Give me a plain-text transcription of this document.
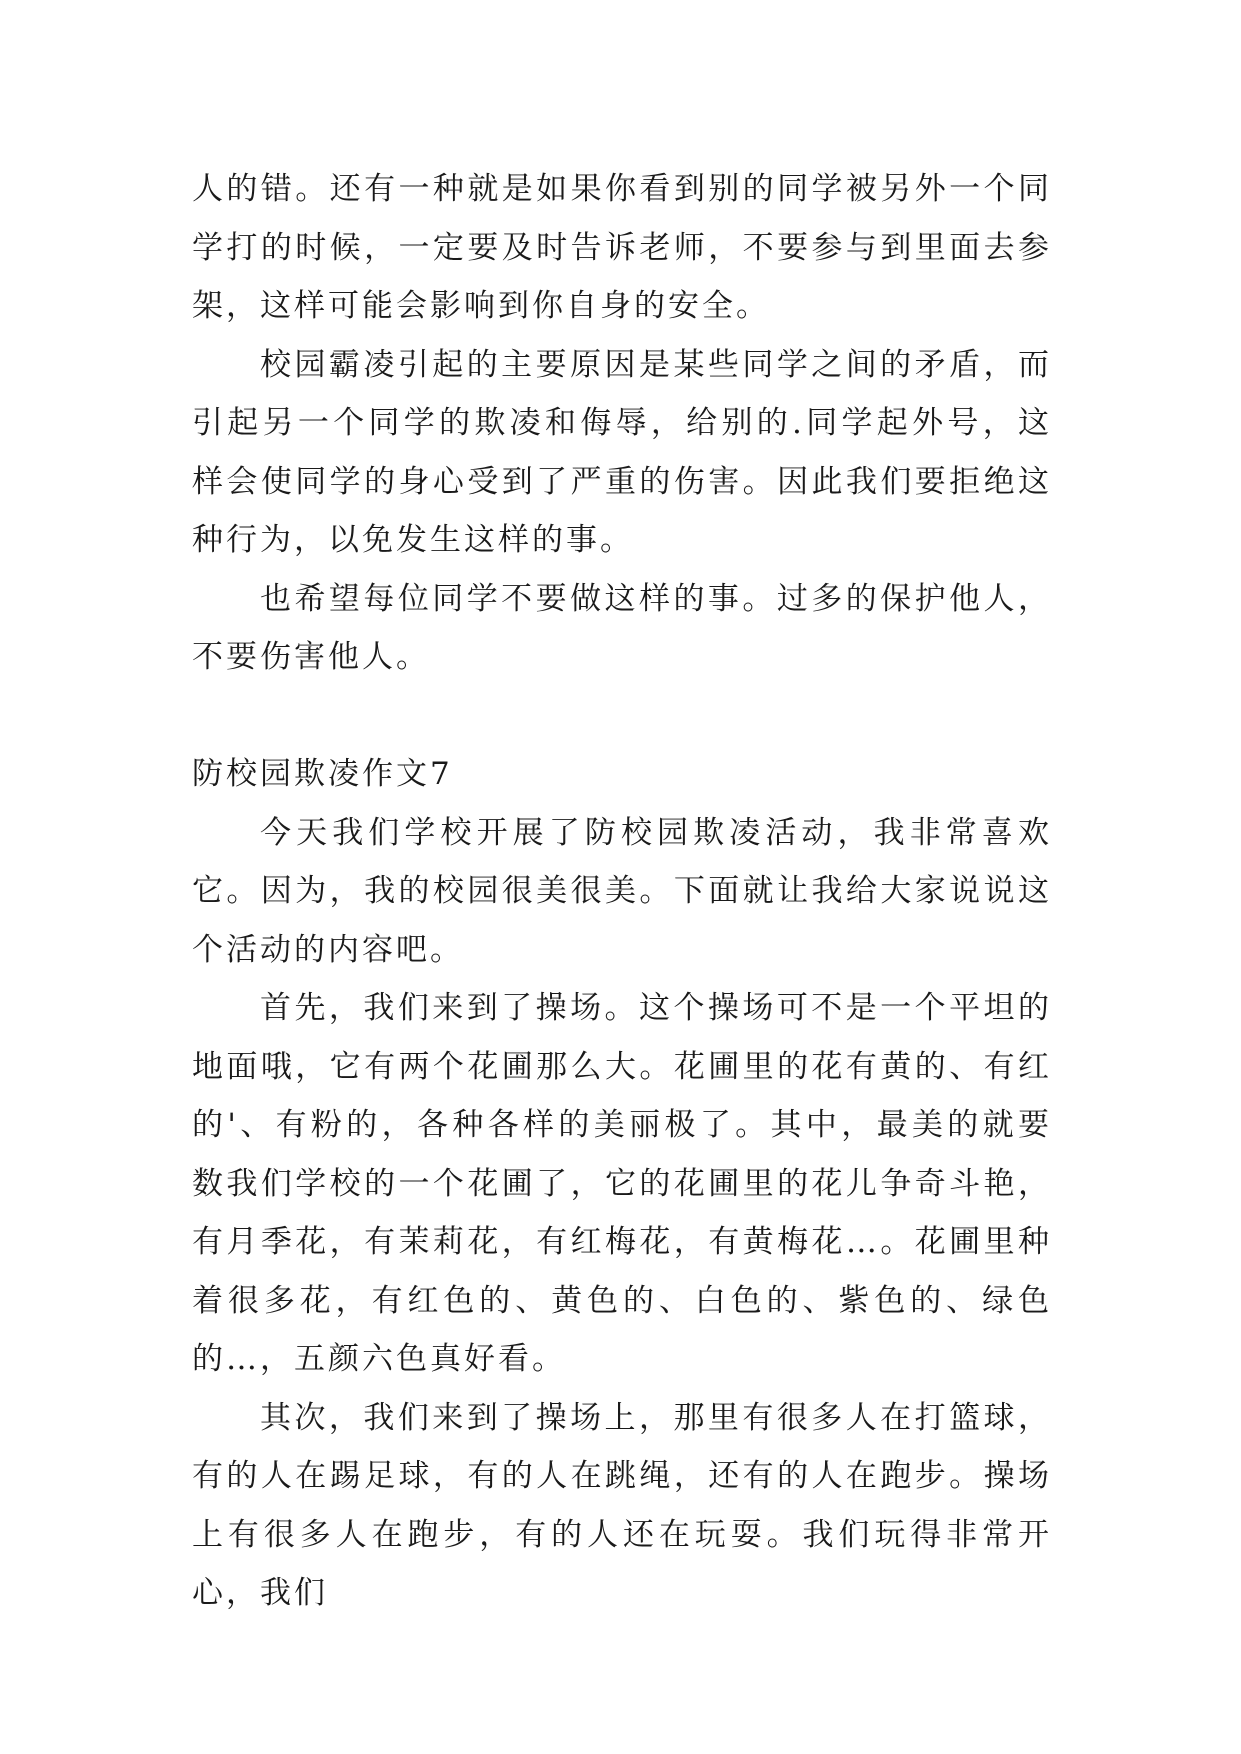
人的错。还有一种就是如果你看到别的同学被另外一个同学打的时候，一定要及时告诉老师，不要参与到里面去参架，这样可能会影响到你自身的安全。

校园霸凌引起的主要原因是某些同学之间的矛盾，而引起另一个同学的欺凌和侮辱，给别的.同学起外号，这样会使同学的身心受到了严重的伤害。因此我们要拒绝这种行为，以免发生这样的事。

也希望每位同学不要做这样的事。过多的保护他人，不要伤害他人。

防校园欺凌作文7

今天我们学校开展了防校园欺凌活动，我非常喜欢它。因为，我的校园很美很美。下面就让我给大家说说这个活动的内容吧。

首先，我们来到了操场。这个操场可不是一个平坦的地面哦，它有两个花圃那么大。花圃里的花有黄的、有红的'、有粉的，各种各样的美丽极了。其中，最美的就要数我们学校的一个花圃了，它的花圃里的花儿争奇斗艳，有月季花，有茉莉花，有红梅花，有黄梅花…。花圃里种着很多花，有红色的、黄色的、白色的、紫色的、绿色的…，五颜六色真好看。

其次，我们来到了操场上，那里有很多人在打篮球，有的人在踢足球，有的人在跳绳，还有的人在跑步。操场上有很多人在跑步，有的人还在玩耍。我们玩得非常开心，我们
